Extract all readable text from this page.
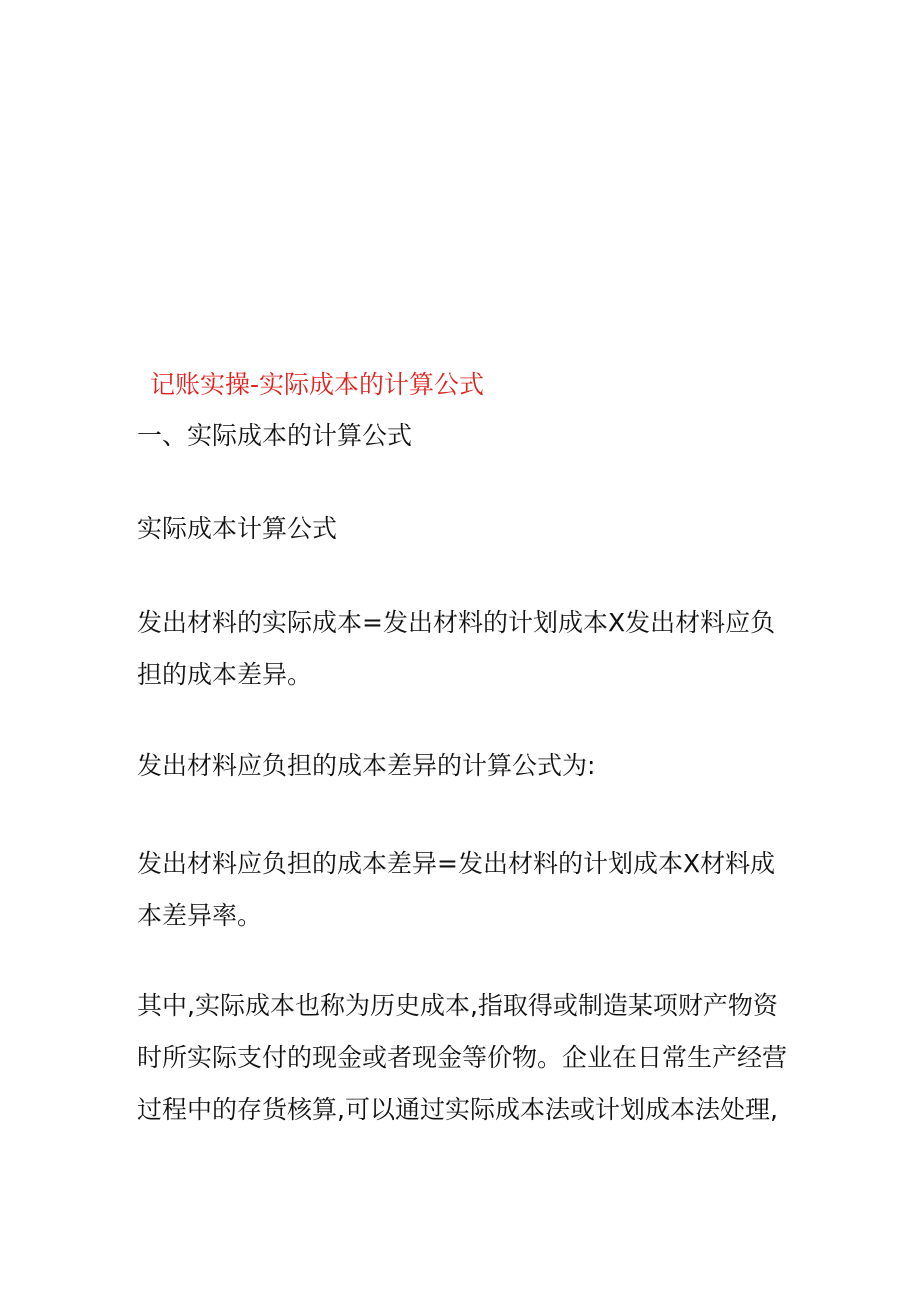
记账实操-实际成本的计算公式
一、实际成本的计算公式
实际成本计算公式
发出材料的实际成本=发出材料的计划成本Χ发出材料应负担的成本差异。
发出材料应负担的成本差异的计算公式为:
发出材料应负担的成本差异=发出材料的计划成本Χ材料成本差异率。
其中,实际成本也称为历史成本,指取得或制造某项财产物资时所实际支付的现金或者现金等价物。企业在日常生产经营过程中的存货核算,可以通过实际成本法或计划成本法处理,
